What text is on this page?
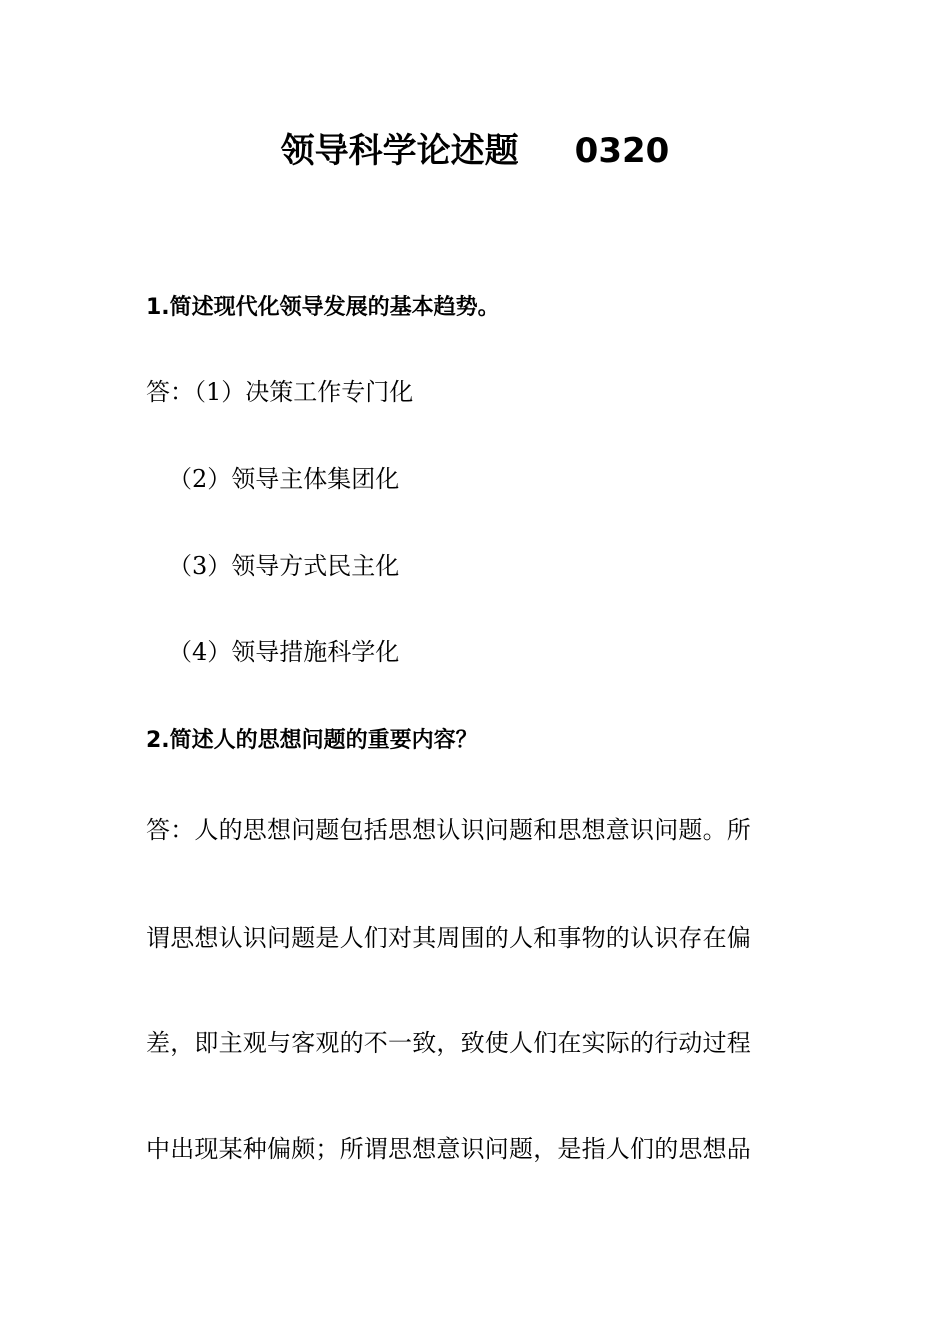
领导科学论述题 0320
1.简述现代化领导发展的基本趋势。
答：（1）决策工作专门化
（2）领导主体集团化
（3）领导方式民主化
（4）领导措施科学化
2.简述人的思想问题的重要内容？
答：人的思想问题包括思想认识问题和思想意识问题。所
谓思想认识问题是人们对其周围的人和事物的认识存在偏
差，即主观与客观的不一致，致使人们在实际的行动过程
中出现某种偏颇；所谓思想意识问题，是指人们的思想品
